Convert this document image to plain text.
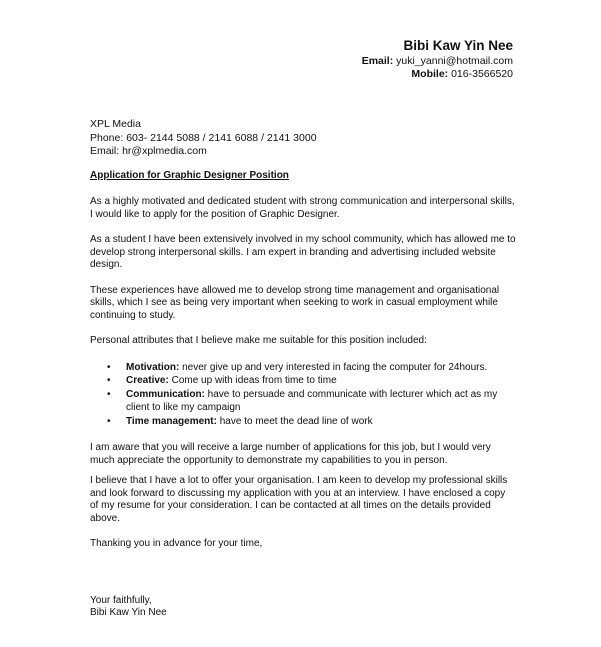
Bibi Kaw Yin Nee
Email: yuki_yanni@hotmail.com
Mobile: 016-3566520
XPL Media
Phone: 603- 2144 5088 / 2141 6088 / 2141 3000
Email: hr@xplmedia.com
Application for Graphic Designer Position

As a highly motivated and dedicated student with strong communication and interpersonal skills, I would like to apply for the position of Graphic Designer.

As a student I have been extensively involved in my school community, which has allowed me to develop strong interpersonal skills. I am expert in branding and advertising included website design.

These experiences have allowed me to develop strong time management and organisational skills, which I see as being very important when seeking to work in casual employment while continuing to study.

Personal attributes that I believe make me suitable for this position included:

• Motivation: never give up and very interested in facing the computer for 24hours.
• Creative: Come up with ideas from time to time
• Communication: have to persuade and communicate with lecturer which act as my client to like my campaign
• Time management: have to meet the dead line of work

I am aware that you will receive a large number of applications for this job, but I would very much appreciate the opportunity to demonstrate my capabilities to you in person.

I believe that I have a lot to offer your organisation. I am keen to develop my professional skills and look forward to discussing my application with you at an interview. I have enclosed a copy of my resume for your consideration. I can be contacted at all times on the details provided above.

Thanking you in advance for your time,

Your faithfully,
Bibi Kaw Yin Nee
